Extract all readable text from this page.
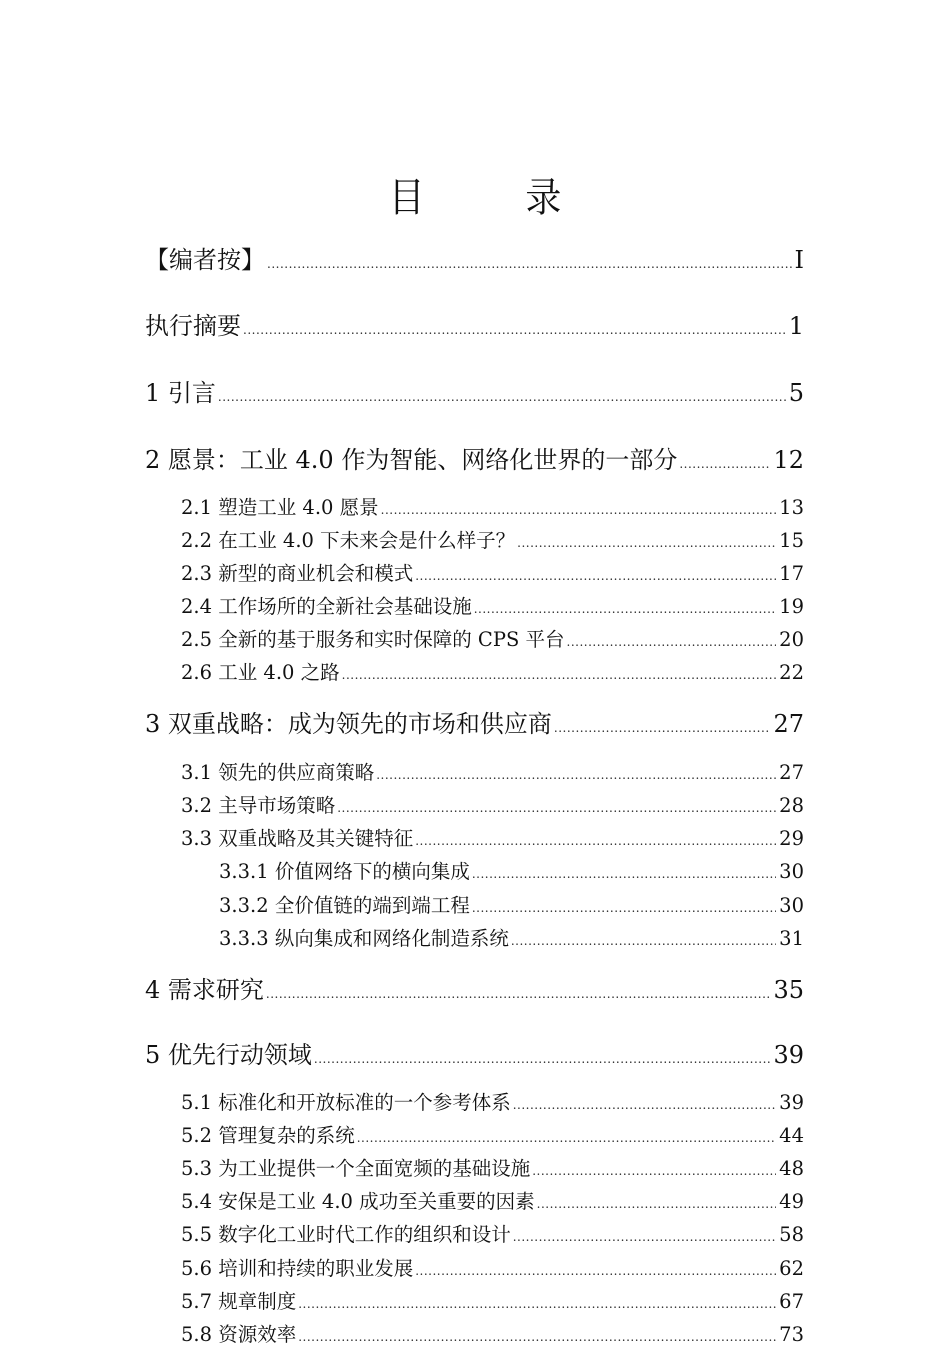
目　录
【编者按】 .....	I
执行摘要 .....	1
1 引言 .....	5
2 愿景：工业 4.0 作为智能、网络化世界的一部分 .....	12
2.1 塑造工业 4.0 愿景 .....	13
2.2 在工业 4.0 下未来会是什么样子？ .....	15
2.3 新型的商业机会和模式 .....	17
2.4 工作场所的全新社会基础设施 .....	19
2.5 全新的基于服务和实时保障的 CPS 平台 .....	20
2.6 工业 4.0 之路 .....	22
3 双重战略：成为领先的市场和供应商 .....	27
3.1 领先的供应商策略 .....	27
3.2 主导市场策略 .....	28
3.3 双重战略及其关键特征 .....	29
3.3.1 价值网络下的横向集成 .....	30
3.3.2 全价值链的端到端工程 .....	30
3.3.3 纵向集成和网络化制造系统 .....	31
4 需求研究 .....	35
5 优先行动领域 .....	39
5.1 标准化和开放标准的一个参考体系 .....	39
5.2 管理复杂的系统 .....	44
5.3 为工业提供一个全面宽频的基础设施 .....	48
5.4 安保是工业 4.0 成功至关重要的因素 .....	49
5.5 数字化工业时代工作的组织和设计 .....	58
5.6 培训和持续的职业发展 .....	62
5.7 规章制度 .....	67
5.8 资源效率 .....	73
